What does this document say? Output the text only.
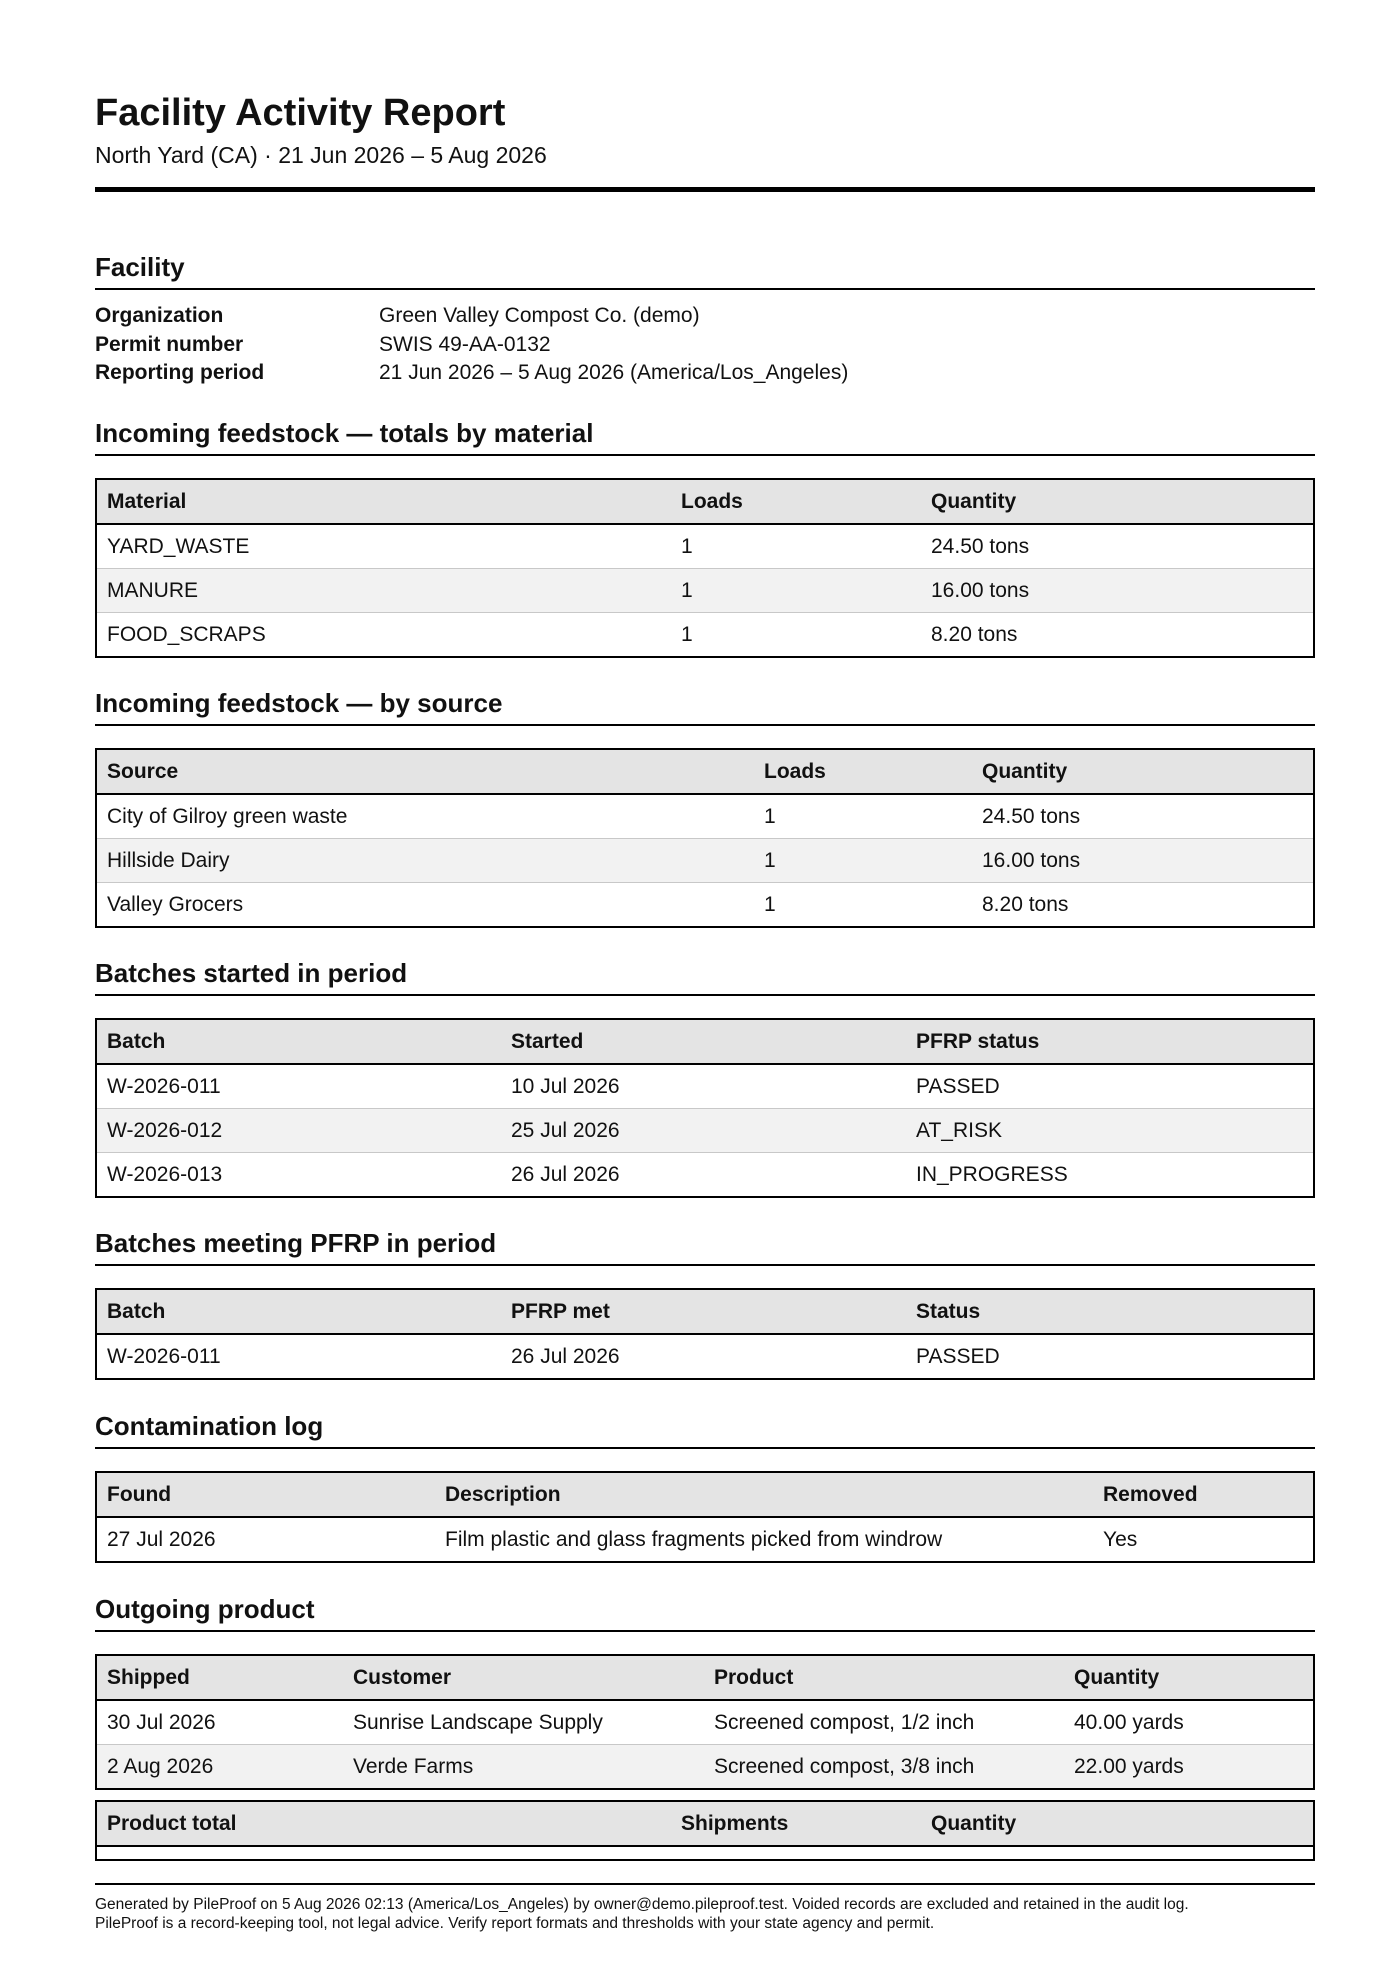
Facility Activity Report
North Yard (CA) · 21 Jun 2026 – 5 Aug 2026
Facility
Organization	Green Valley Compost Co. (demo)
Permit number	SWIS 49-AA-0132
Reporting period	21 Jun 2026 – 5 Aug 2026 (America/Los_Angeles)
Incoming feedstock — totals by material
Material	Loads	Quantity
YARD_WASTE	1	24.50 tons
MANURE	1	16.00 tons
FOOD_SCRAPS	1	8.20 tons
Incoming feedstock — by source
Source	Loads	Quantity
City of Gilroy green waste	1	24.50 tons
Hillside Dairy	1	16.00 tons
Valley Grocers	1	8.20 tons
Batches started in period
Batch	Started	PFRP status
W-2026-011	10 Jul 2026	PASSED
W-2026-012	25 Jul 2026	AT_RISK
W-2026-013	26 Jul 2026	IN_PROGRESS
Batches meeting PFRP in period
Batch	PFRP met	Status
W-2026-011	26 Jul 2026	PASSED
Contamination log
Found	Description	Removed
27 Jul 2026	Film plastic and glass fragments picked from windrow	Yes
Outgoing product
Shipped	Customer	Product	Quantity
30 Jul 2026	Sunrise Landscape Supply	Screened compost, 1/2 inch	40.00 yards
2 Aug 2026	Verde Farms	Screened compost, 3/8 inch	22.00 yards
Product total	Shipments	Quantity

Generated by PileProof on 5 Aug 2026 02:13 (America/Los_Angeles) by owner@demo.pileproof.test. Voided records are excluded and retained in the audit log.
PileProof is a record-keeping tool, not legal advice. Verify report formats and thresholds with your state agency and permit.
